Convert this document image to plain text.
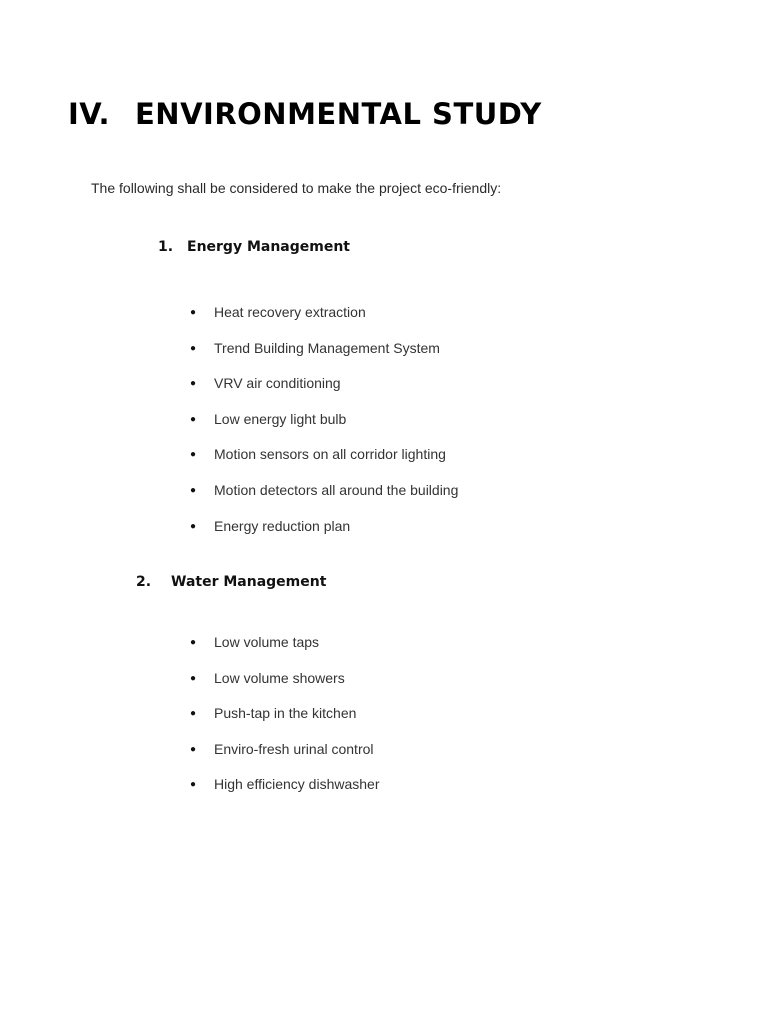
IV. ENVIRONMENTAL STUDY

The following shall be considered to make the project eco-friendly:

1. Energy Management
●	Heat recovery extraction
●	Trend Building Management System
●	VRV air conditioning
●	Low energy light bulb
●	Motion sensors on all corridor lighting
●	Motion detectors all around the building
●	Energy reduction plan
2. Water Management
●	Low volume taps
●	Low volume showers
●	Push-tap in the kitchen
●	Enviro-fresh urinal control
●	High efficiency dishwasher
